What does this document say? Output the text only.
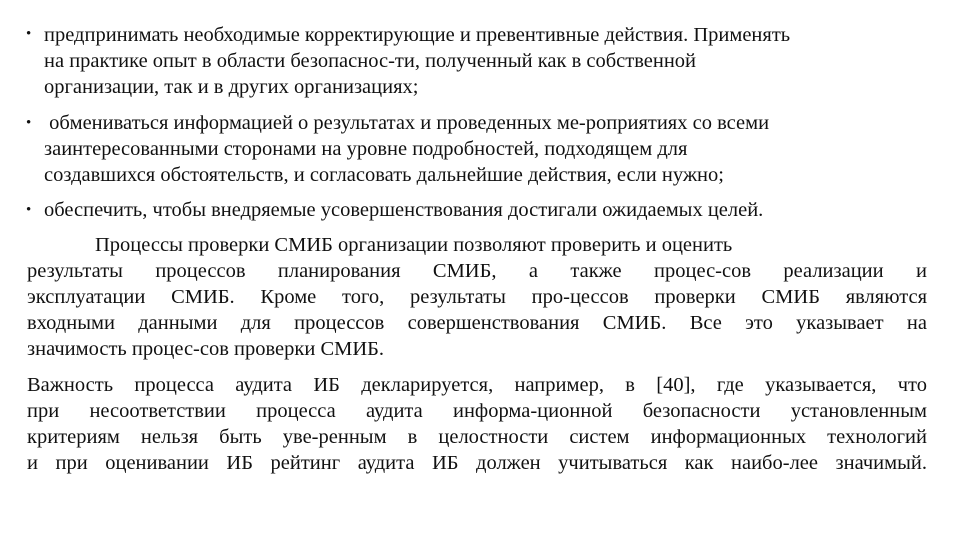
• предпринимать необходимые корректирующие и превентивные действия. Применять
на практике опыт в области безопаснос-ти, полученный как в собственной
организации, так и в других организациях;
• обмениваться информацией о результатах и проведенных ме-роприятиях со всеми
заинтересованными сторонами на уровне подробностей, подходящем для
создавшихся обстоятельств, и согласовать дальнейшие действия, если нужно;
• обеспечить, чтобы внедряемые усовершенствования достигали ожидаемых целей.
Процессы проверки СМИБ организации позволяют проверить и оценить
результаты процессов планирования СМИБ, а также процес-сов реализации и
эксплуатации СМИБ. Кроме того, результаты про-цессов проверки СМИБ являются
входными данными для процессов совершенствования СМИБ. Все это указывает на
значимость процес-сов проверки СМИБ.
Важность процесса аудита ИБ декларируется, например, в [40], где указывается, что
при несоответствии процесса аудита информа-ционной безопасности установленным
критериям нельзя быть уве-ренным в целостности систем информационных технологий
и при оценивании ИБ рейтинг аудита ИБ должен учитываться как наибо-лее значимый.
